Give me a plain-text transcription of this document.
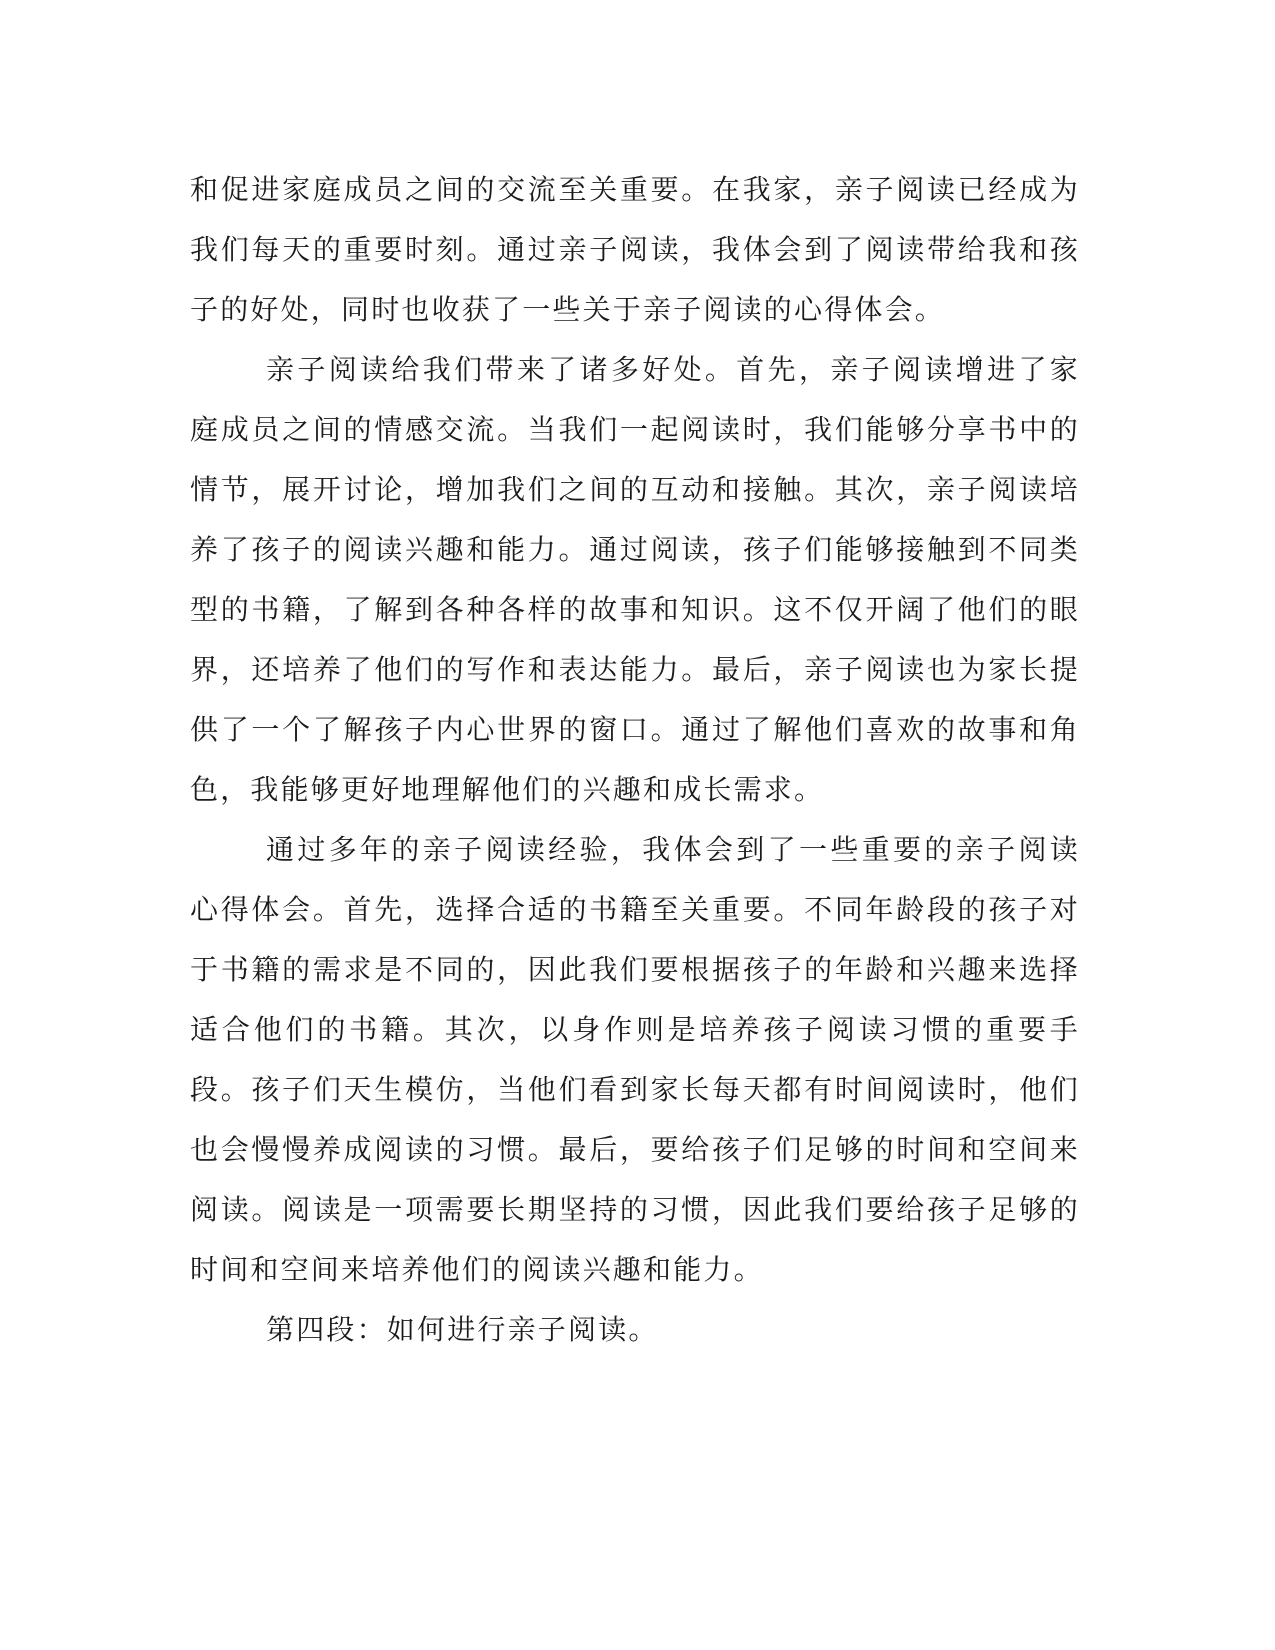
和促进家庭成员之间的交流至关重要。在我家，亲子阅读已经成为我们每天的重要时刻。通过亲子阅读，我体会到了阅读带给我和孩子的好处，同时也收获了一些关于亲子阅读的心得体会。

亲子阅读给我们带来了诸多好处。首先，亲子阅读增进了家庭成员之间的情感交流。当我们一起阅读时，我们能够分享书中的情节，展开讨论，增加我们之间的互动和接触。其次，亲子阅读培养了孩子的阅读兴趣和能力。通过阅读，孩子们能够接触到不同类型的书籍，了解到各种各样的故事和知识。这不仅开阔了他们的眼界，还培养了他们的写作和表达能力。最后，亲子阅读也为家长提供了一个了解孩子内心世界的窗口。通过了解他们喜欢的故事和角色，我能够更好地理解他们的兴趣和成长需求。

通过多年的亲子阅读经验，我体会到了一些重要的亲子阅读心得体会。首先，选择合适的书籍至关重要。不同年龄段的孩子对于书籍的需求是不同的，因此我们要根据孩子的年龄和兴趣来选择适合他们的书籍。其次，以身作则是培养孩子阅读习惯的重要手段。孩子们天生模仿，当他们看到家长每天都有时间阅读时，他们也会慢慢养成阅读的习惯。最后，要给孩子们足够的时间和空间来阅读。阅读是一项需要长期坚持的习惯，因此我们要给孩子足够的时间和空间来培养他们的阅读兴趣和能力。

第四段：如何进行亲子阅读。
